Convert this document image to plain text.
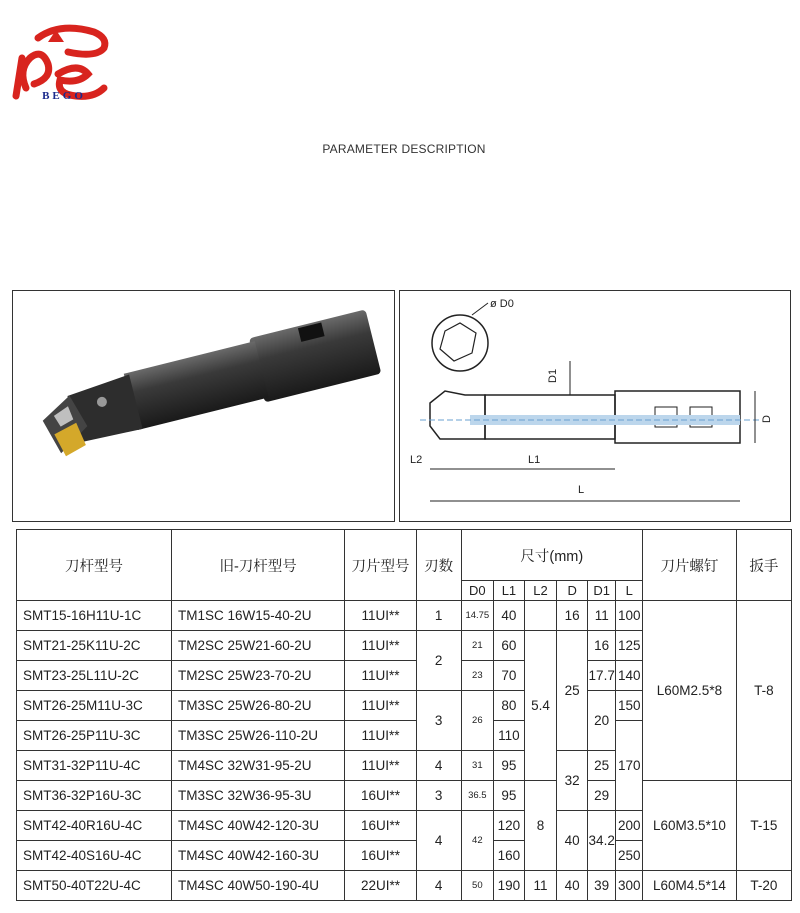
BEGO
PARAMETER DESCRIPTION
ø D0
D1
D
L2	L1
L
刀杆型号	旧-刀杆型号	刀片型号	刃数	尺寸(mm)						刀片螺钉	扳手
				D0	L1	L2	D	D1	L		
SMT15-16H11U-1C	TM1SC 16W15-40-2U	11UI**	1	14.75	40		16	11	100	L60M2.5*8	T-8
SMT21-25K11U-2C	TM2SC 25W21-60-2U	11UI**	2	21	60	5.4	25	16	125		
SMT23-25L11U-2C	TM2SC 25W23-70-2U	11UI**		23	70			17.7	140		
SMT26-25M11U-3C	TM3SC 25W26-80-2U	11UI**	3	26	80			20	150		
SMT26-25P11U-3C	TM3SC 25W26-110-2U	11UI**			110				170		
SMT31-32P11U-4C	TM4SC 32W31-95-2U	11UI**	4	31	95		32	25			
SMT36-32P16U-3C	TM3SC 32W36-95-3U	16UI**	3	36.5	95	8		29		L60M3.5*10	T-15
SMT42-40R16U-4C	TM4SC 40W42-120-3U	16UI**	4	42	120		40	34.2	200		
SMT42-40S16U-4C	TM4SC 40W42-160-3U	16UI**			160				250		
SMT50-40T22U-4C	TM4SC 40W50-190-4U	22UI**	4	50	190	11	40	39	300	L60M4.5*14	T-20
